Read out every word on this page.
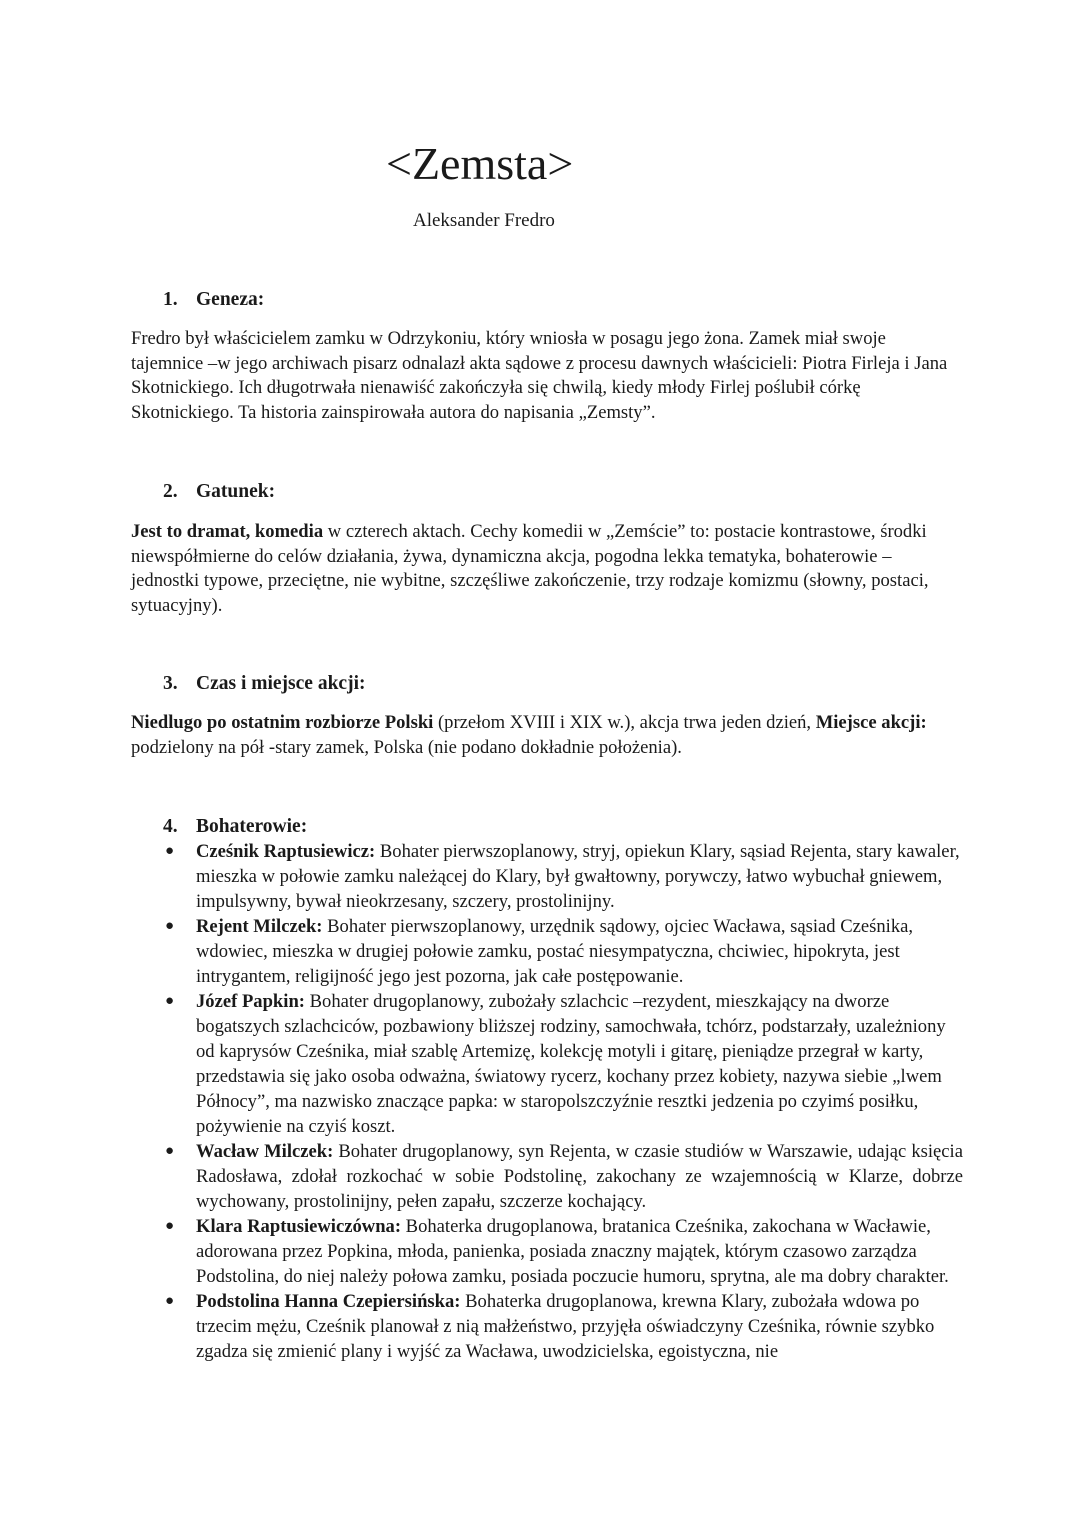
<Zemsta>
Aleksander Fredro
1. Geneza:
Fredro był właścicielem zamku w Odrzykoniu, który wniosła w posagu jego żona. Zamek miał swoje tajemnice –w jego archiwach pisarz odnalazł akta sądowe z procesu dawnych właścicieli: Piotra Firleja i Jana Skotnickiego. Ich długotrwała nienawiść zakończyła się chwilą, kiedy młody Firlej poślubił córkę Skotnickiego. Ta historia zainspirowała autora do napisania „Zemsty”.
2. Gatunek:
Jest to dramat, komedia w czterech aktach. Cechy komedii w „Zemście” to: postacie kontrastowe, środki niewspółmierne do celów działania, żywa, dynamiczna akcja, pogodna lekka tematyka, bohaterowie –jednostki typowe, przeciętne, nie wybitne, szczęśliwe zakończenie, trzy rodzaje komizmu (słowny, postaci, sytuacyjny).
3. Czas i miejsce akcji:
Niedlugo po ostatnim rozbiorze Polski (przełom XVIII i XIX w.), akcja trwa jeden dzień, Miejsce akcji: podzielony na pół -stary zamek, Polska (nie podano dokładnie położenia).
4. Bohaterowie:
● Cześnik Raptusiewicz: Bohater pierwszoplanowy, stryj, opiekun Klary, sąsiad Rejenta, stary kawaler, mieszka w połowie zamku należącej do Klary, był gwałtowny, porywczy, łatwo wybuchał gniewem, impulsywny, bywał nieokrzesany, szczery, prostolinijny.
● Rejent Milczek: Bohater pierwszoplanowy, urzędnik sądowy, ojciec Wacława, sąsiad Cześnika, wdowiec, mieszka w drugiej połowie zamku, postać niesympatyczna, chciwiec, hipokryta, jest intrygantem, religijność jego jest pozorna, jak całe postępowanie.
● Józef Papkin: Bohater drugoplanowy, zubożały szlachcic –rezydent, mieszkający na dworze bogatszych szlachciców, pozbawiony bliższej rodziny, samochwała, tchórz, podstarzały, uzależniony od kaprysów Cześnika, miał szablę Artemizę, kolekcję motyli i gitarę, pieniądze przegrał w karty, przedstawia się jako osoba odważna, światowy rycerz, kochany przez kobiety, nazywa siebie „lwem Północy”, ma nazwisko znaczące papka: w staropolszczyźnie resztki jedzenia po czyimś posiłku, pożywienie na czyiś koszt.
● Wacław Milczek: Bohater drugoplanowy, syn Rejenta, w czasie studiów w Warszawie, udając księcia Radosława, zdołał rozkochać w sobie Podstolinę, zakochany ze wzajemnością w Klarze, dobrze wychowany, prostolinijny, pełen zapału, szczerze kochający.
● Klara Raptusiewiczówna: Bohaterka drugoplanowa, bratanica Cześnika, zakochana w Wacławie, adorowana przez Popkina, młoda, panienka, posiada znaczny majątek, którym czasowo zarządza Podstolina, do niej należy połowa zamku, posiada poczucie humoru, sprytna, ale ma dobry charakter.
● Podstolina Hanna Czepiersińska: Bohaterka drugoplanowa, krewna Klary, zubożała wdowa po trzecim mężu, Cześnik planował z nią małżeństwo, przyjęła oświadczyny Cześnika, równie szybko zgadza się zmienić plany i wyjść za Wacława, uwodzicielska, egoistyczna, nie
